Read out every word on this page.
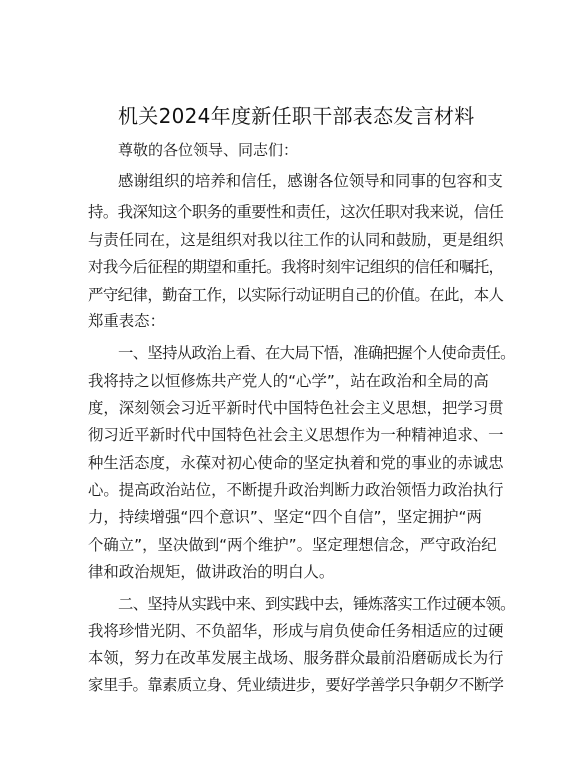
机关2024年度新任职干部表态发言材料
尊敬的各位领导、同志们：
感谢组织的培养和信任，感谢各位领导和同事的包容和支
持。我深知这个职务的重要性和责任，这次任职对我来说，信任
与责任同在，这是组织对我以往工作的认同和鼓励，更是组织
对我今后征程的期望和重托。我将时刻牢记组织的信任和嘱托，
严守纪律，勤奋工作，以实际行动证明自己的价值。在此，本人
郑重表态：
一、坚持从政治上看、在大局下悟，准确把握个人使命责任。
我将持之以恒修炼共产党人的“心学”，站在政治和全局的高
度，深刻领会习近平新时代中国特色社会主义思想，把学习贯
彻习近平新时代中国特色社会主义思想作为一种精神追求、一
种生活态度，永葆对初心使命的坚定执着和党的事业的赤诚忠
心。提高政治站位，不断提升政治判断力政治领悟力政治执行
力，持续增强“四个意识”、坚定“四个自信”，坚定拥护“两
个确立”，坚决做到“两个维护”。坚定理想信念，严守政治纪
律和政治规矩，做讲政治的明白人。
二、坚持从实践中来、到实践中去，锤炼落实工作过硬本领。
我将珍惜光阴、不负韶华，形成与肩负使命任务相适应的过硬
本领，努力在改革发展主战场、服务群众最前沿磨砺成长为行
家里手。靠素质立身、凭业绩进步，要好学善学只争朝夕不断学
